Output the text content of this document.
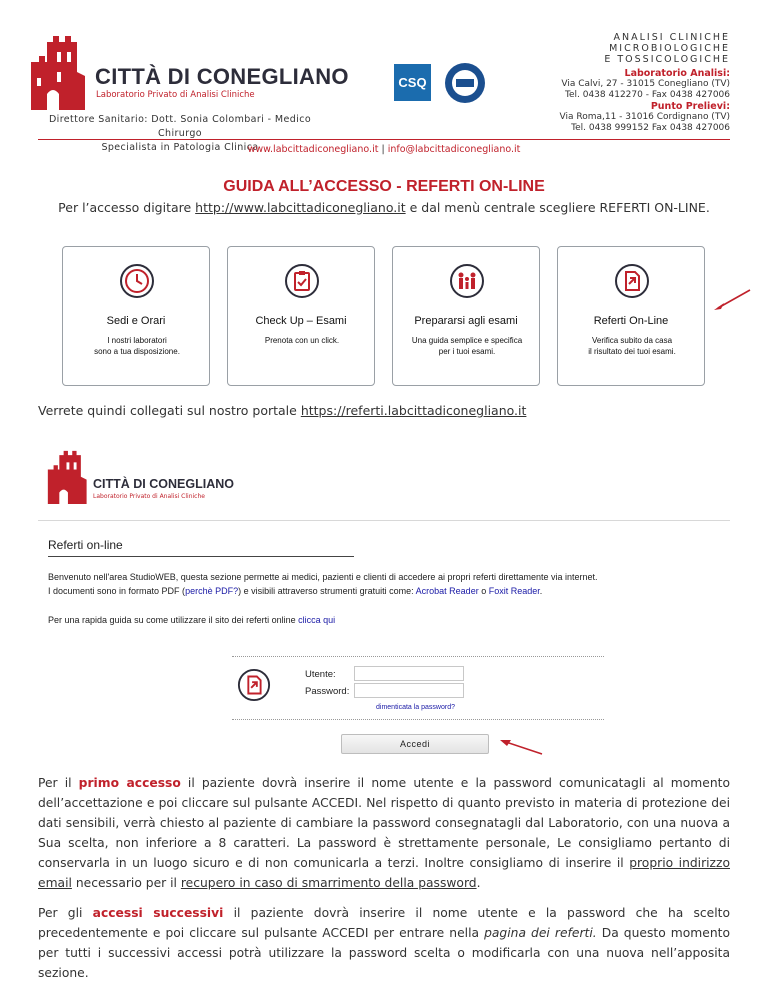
CITTÀ DI CONEGLIANO
Laboratorio Privato di Analisi Cliniche
Direttore Sanitario: Dott. Sonia Colombari - Medico Chirurgo
Specialista in Patologia Clinica
CSQ
ANALISI CLINICHE
MICROBIOLOGICHE
E TOSSICOLOGICHE
Laboratorio Analisi:
Via Calvi, 27 - 31015 Conegliano (TV)
Tel. 0438 412270 - Fax 0438 427006
Punto Prelievi:
Via Roma,11 - 31016 Cordignano (TV)
Tel. 0438 999152 Fax 0438 427006
www.labcittadiconegliano.it | info@labcittadiconegliano.it
GUIDA ALL’ACCESSO - REFERTI ON-LINE
Per l’accesso digitare http://www.labcittadiconegliano.it e dal menù centrale scegliere REFERTI ON-LINE.
Sedi e Orari
I nostri laboratori
sono a tua disposizione.
Check Up – Esami
Prenota con un click.
Prepararsi agli esami
Una guida semplice e specifica
per i tuoi esami.
Referti On-Line
Verifica subito da casa
il risultato dei tuoi esami.
Verrete quindi collegati sul nostro portale https://referti.labcittadiconegliano.it
CITTÀ DI CONEGLIANO
Laboratorio Privato di Analisi Cliniche
Referti on-line
Benvenuto nell'area StudioWEB, questa sezione permette ai medici, pazienti e clienti di accedere ai propri referti direttamente via internet.
I documenti sono in formato PDF (perchè PDF?) e visibili attraverso strumenti gratuiti come: Acrobat Reader o Foxit Reader.
Per una rapida guida su come utilizzare il sito dei referti online clicca qui
Utente:
Password:
dimenticata la password?
Accedi
Per il primo accesso il paziente dovrà inserire il nome utente e la password comunicatagli al momento dell’accettazione e poi cliccare sul pulsante ACCEDI. Nel rispetto di quanto previsto in materia di protezione dei dati sensibili, verrà chiesto al paziente di cambiare la password consegnatagli dal Laboratorio, con una nuova a Sua scelta, non inferiore a 8 caratteri. La password è strettamente personale, Le consigliamo pertanto di conservarla in un luogo sicuro e di non comunicarla a terzi. Inoltre consigliamo di inserire il proprio indirizzo email necessario per il recupero in caso di smarrimento della password.
Per gli accessi successivi il paziente dovrà inserire il nome utente e la password che ha scelto precedentemente e poi cliccare sul pulsante ACCEDI per entrare nella pagina dei referti. Da questo momento per tutti i successivi accessi potrà utilizzare la password scelta o modificarla con una nuova nell’apposita sezione.
